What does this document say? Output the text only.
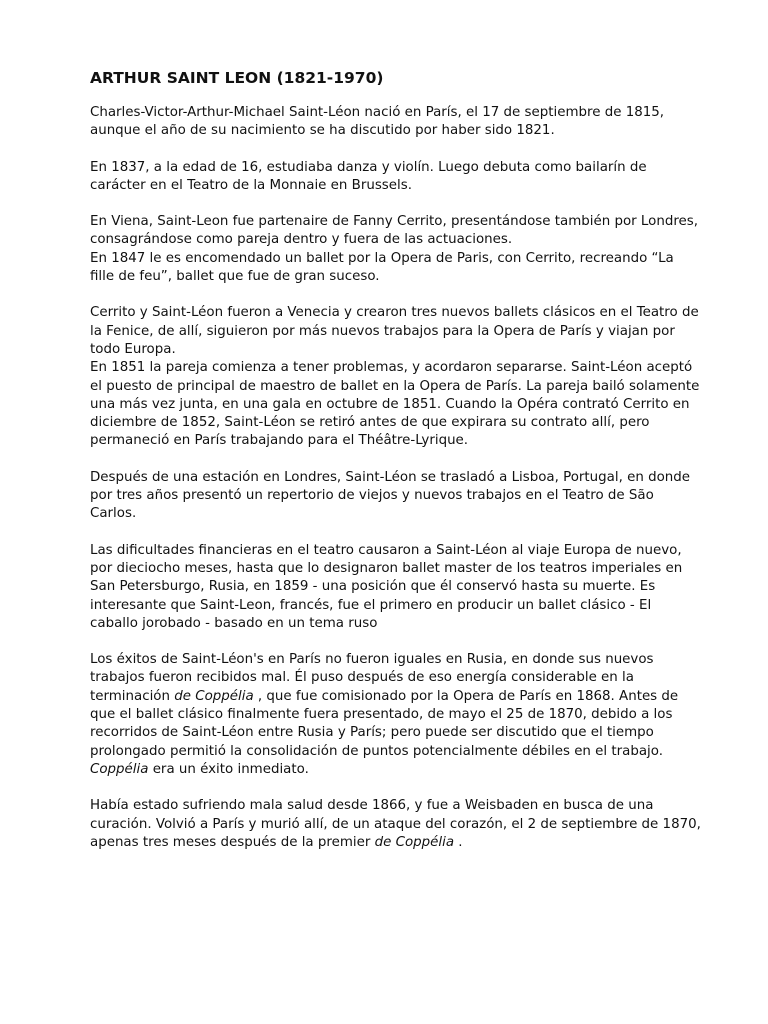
ARTHUR SAINT LEON (1821-1970)

Charles-Victor-Arthur-Michael Saint-Léon nació en París, el 17 de septiembre de 1815, aunque el año de su nacimiento se ha discutido por haber sido 1821.

En 1837, a la edad de 16, estudiaba danza y violín. Luego debuta como bailarín de carácter en el Teatro de la Monnaie en Brussels.

En Viena, Saint-Leon fue partenaire de Fanny Cerrito, presentándose también por Londres, consagrándose como pareja dentro y fuera de las actuaciones.

En 1847 le es encomendado un ballet por la Opera de Paris, con Cerrito, recreando “La fille de feu”, ballet que fue de gran suceso.

Cerrito y Saint-Léon fueron a Venecia y crearon tres nuevos ballets clásicos en el Teatro de la Fenice, de allí, siguieron por más nuevos trabajos para la Opera de París y viajan por todo Europa.

En 1851 la pareja comienza a tener problemas, y acordaron separarse. Saint-Léon aceptó el puesto de principal de maestro de ballet en la Opera de París. La pareja bailó solamente una más vez junta, en una gala en octubre de 1851. Cuando la Opéra contrató Cerrito en diciembre de 1852, Saint-Léon se retiró antes de que expirara su contrato allí, pero permaneció en París trabajando para el Théâtre-Lyrique.

Después de una estación en Londres, Saint-Léon se trasladó a Lisboa, Portugal, en donde por tres años presentó un repertorio de viejos y nuevos trabajos en el Teatro de São Carlos.

Las dificultades financieras en el teatro causaron a Saint-Léon al viaje Europa de nuevo, por dieciocho meses, hasta que lo designaron ballet master de los teatros imperiales en San Petersburgo, Rusia, en 1859 - una posición que él conservó hasta su muerte. Es interesante que Saint-Leon, francés, fue el primero en producir un ballet clásico - El caballo jorobado - basado en un tema ruso

Los éxitos de Saint-Léon's en París no fueron iguales en Rusia, en donde sus nuevos trabajos fueron recibidos mal. Él puso después de eso energía considerable en la terminación de Coppélia , que fue comisionado por la Opera de París en 1868. Antes de que el ballet clásico finalmente fuera presentado, de mayo el 25 de 1870, debido a los recorridos de Saint-Léon entre Rusia y París; pero puede ser discutido que el tiempo prolongado permitió la consolidación de puntos potencialmente débiles en el trabajo. Coppélia era un éxito inmediato.

Había estado sufriendo mala salud desde 1866, y fue a Weisbaden en busca de una curación. Volvió a París y murió allí, de un ataque del corazón, el 2 de septiembre de 1870, apenas tres meses después de la premier de Coppélia .
